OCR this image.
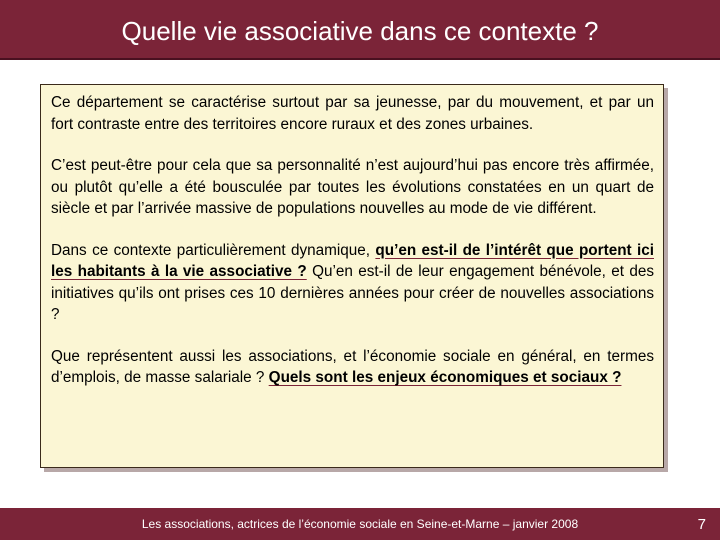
Quelle vie associative dans ce contexte ?

Ce département se caractérise surtout par sa jeunesse, par du mouvement, et par un fort contraste entre des territoires encore ruraux et des zones urbaines.

C’est peut-être pour cela que sa personnalité n’est aujourd’hui pas encore très affirmée, ou plutôt qu’elle a été bousculée par toutes les évolutions constatées en un quart de siècle et par l’arrivée massive de populations nouvelles au mode de vie différent.

Dans ce contexte particulièrement dynamique, qu’en est-il de l’intérêt que portent ici les habitants à la vie associative ? Qu’en est-il de leur engagement bénévole, et des initiatives qu’ils ont prises ces 10 dernières années pour créer de nouvelles associations ?

Que représentent aussi les associations, et l’économie sociale en général, en termes d’emplois, de masse salariale ? Quels sont les enjeux économiques et sociaux ?

Les associations, actrices de l’économie sociale en Seine-et-Marne – janvier 2008	7
